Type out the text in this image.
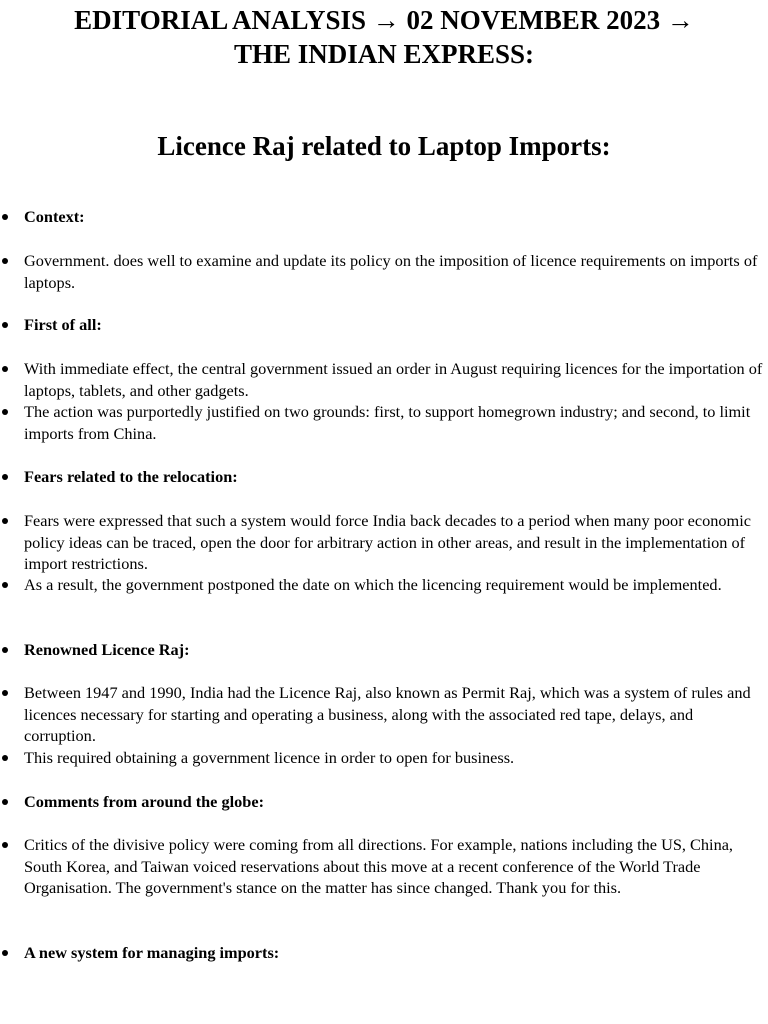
EDITORIAL ANALYSIS → 02 NOVEMBER 2023 →
THE INDIAN EXPRESS:
Licence Raj related to Laptop Imports:
Context:
Government. does well to examine and update its policy on the imposition of licence requirements on imports of laptops.
First of all:
With immediate effect, the central government issued an order in August requiring licences for the importation of laptops, tablets, and other gadgets.
The action was purportedly justified on two grounds: first, to support homegrown industry; and second, to limit imports from China.
Fears related to the relocation:
Fears were expressed that such a system would force India back decades to a period when many poor economic policy ideas can be traced, open the door for arbitrary action in other areas, and result in the implementation of import restrictions.
As a result, the government postponed the date on which the licencing requirement would be implemented.
Renowned Licence Raj:
Between 1947 and 1990, India had the Licence Raj, also known as Permit Raj, which was a system of rules and licences necessary for starting and operating a business, along with the associated red tape, delays, and corruption.
This required obtaining a government licence in order to open for business.
Comments from around the globe:
Critics of the divisive policy were coming from all directions. For example, nations including the US, China, South Korea, and Taiwan voiced reservations about this move at a recent conference of the World Trade Organisation. The government's stance on the matter has since changed. Thank you for this.
A new system for managing imports:
